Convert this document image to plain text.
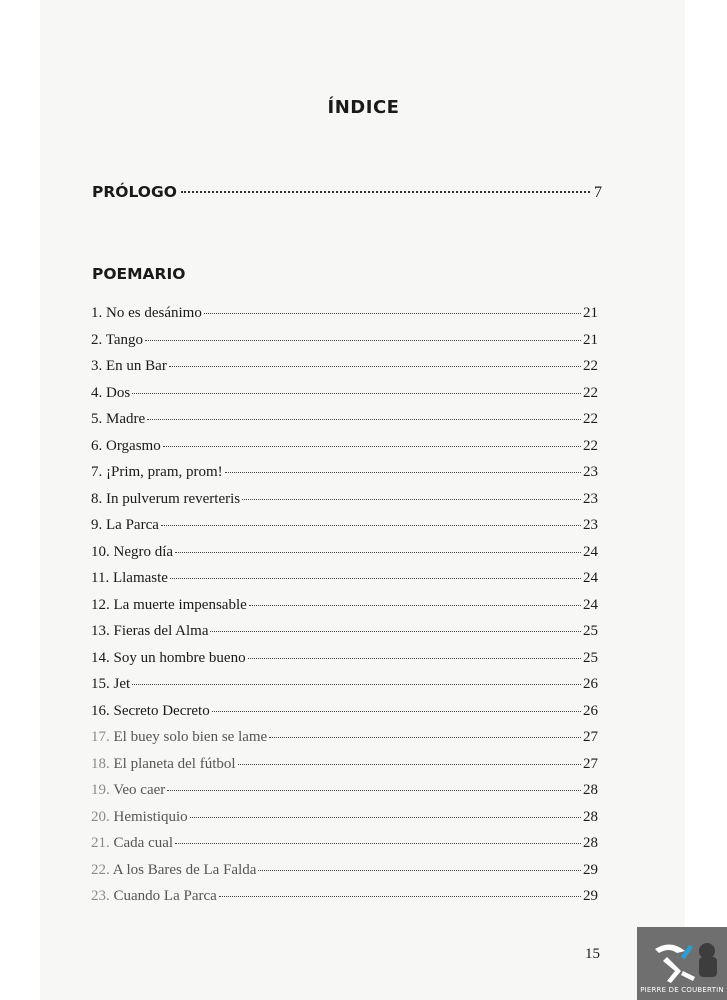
ÍNDICE
PRÓLOGO	7
POEMARIO
1. No es desánimo	21
2. Tango	21
3. En un Bar	22
4. Dos	22
5. Madre	22
6. Orgasmo	22
7. ¡Prim, pram, prom!	23
8. In pulverum reverteris	23
9. La Parca	23
10. Negro día	24
11. Llamaste	24
12. La muerte impensable	24
13. Fieras del Alma	25
14. Soy un hombre bueno	25
15. Jet	26
16. Secreto Decreto	26
17. El buey solo bien se lame	27
18. El planeta del fútbol	27
19. Veo caer	28
20. Hemistiquio	28
21. Cada cual	28
22. A los Bares de La Falda	29
23. Cuando La Parca	29
15
PIERRE DE COUBERTIN
